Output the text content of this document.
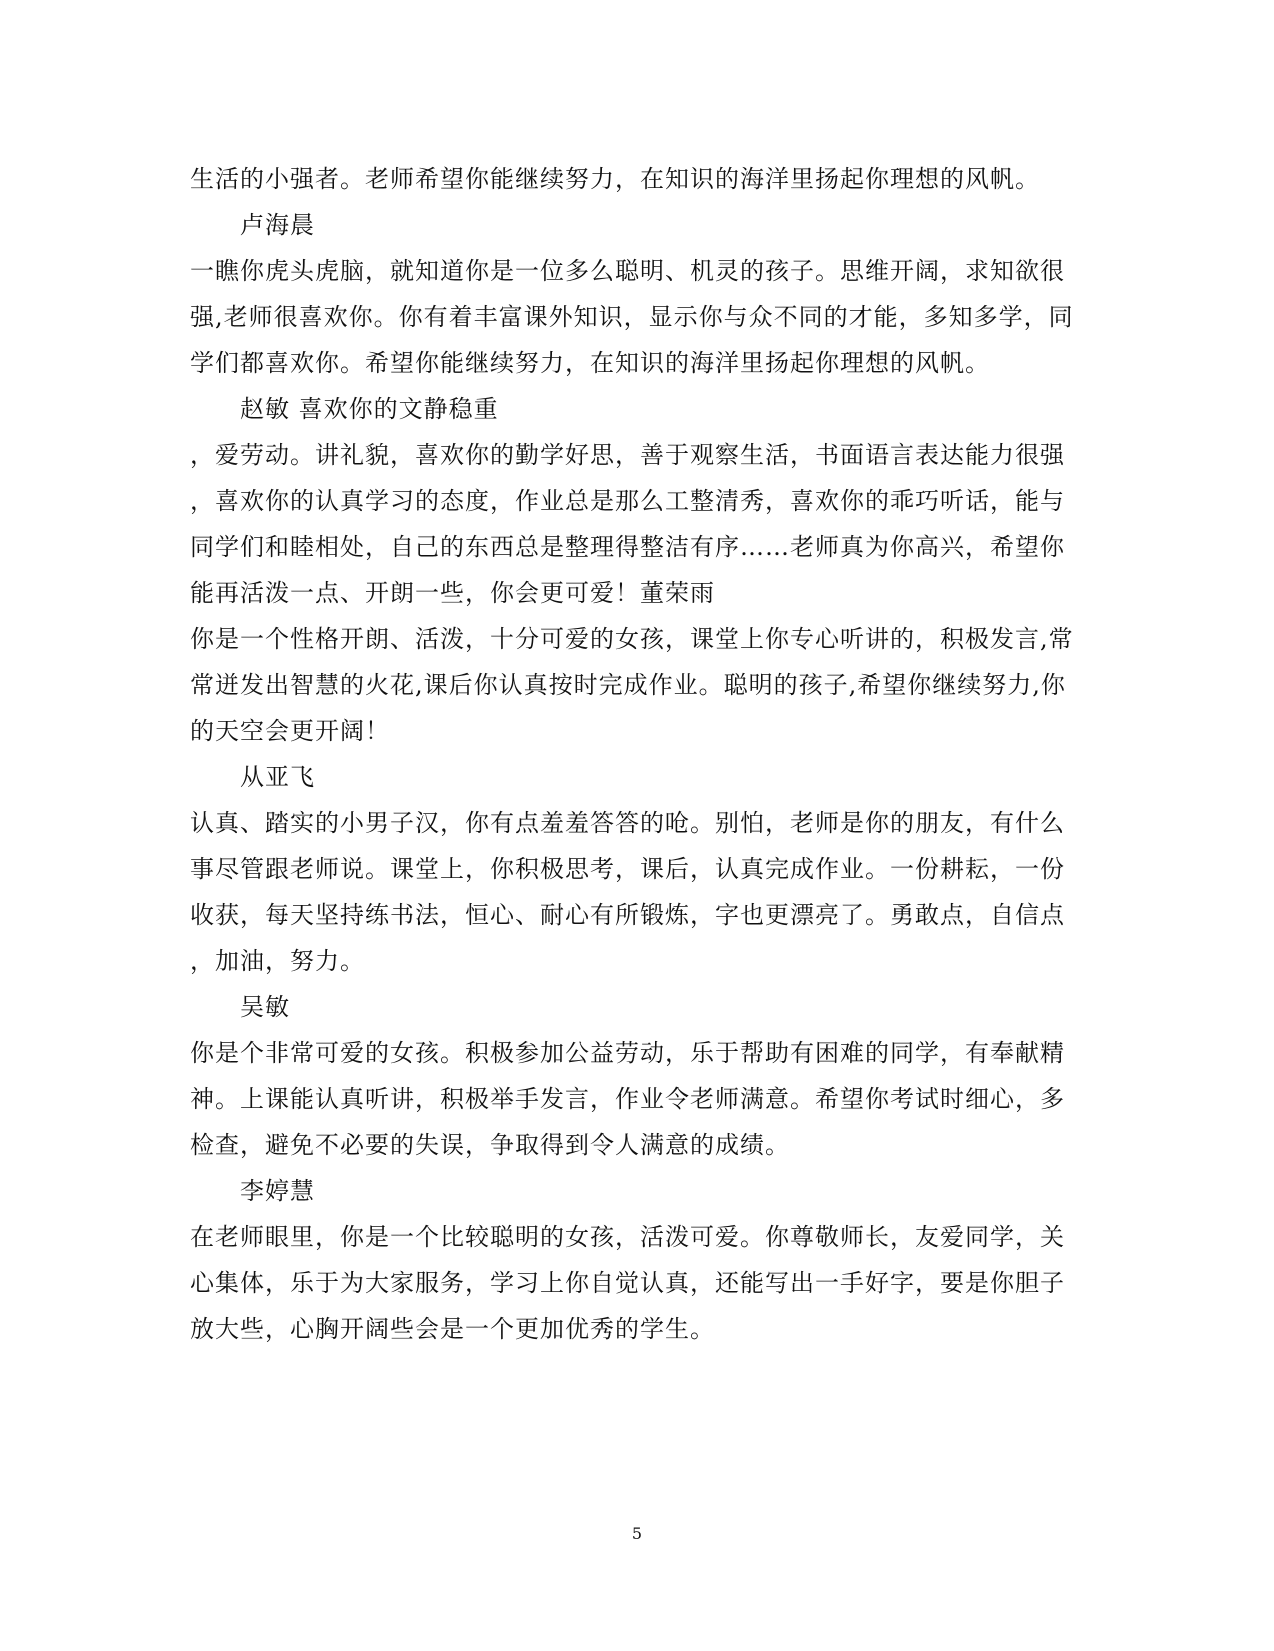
生活的小强者。老师希望你能继续努力，在知识的海洋里扬起你理想的风帆。
卢海晨
一瞧你虎头虎脑，就知道你是一位多么聪明、机灵的孩子。思维开阔，求知欲很
强,老师很喜欢你。你有着丰富课外知识，显示你与众不同的才能，多知多学，同
学们都喜欢你。希望你能继续努力，在知识的海洋里扬起你理想的风帆。
赵敏 喜欢你的文静稳重
，爱劳动。讲礼貌，喜欢你的勤学好思，善于观察生活，书面语言表达能力很强
，喜欢你的认真学习的态度，作业总是那么工整清秀，喜欢你的乖巧听话，能与
同学们和睦相处，自己的东西总是整理得整洁有序……老师真为你高兴，希望你
能再活泼一点、开朗一些，你会更可爱！董荣雨
你是一个性格开朗、活泼，十分可爱的女孩，课堂上你专心听讲的，积极发言,常
常迸发出智慧的火花,课后你认真按时完成作业。聪明的孩子,希望你继续努力,你
的天空会更开阔！
从亚飞
认真、踏实的小男子汉，你有点羞羞答答的呛。别怕，老师是你的朋友，有什么
事尽管跟老师说。课堂上，你积极思考，课后，认真完成作业。一份耕耘，一份
收获，每天坚持练书法，恒心、耐心有所锻炼，字也更漂亮了。勇敢点，自信点
，加油，努力。
吴敏
你是个非常可爱的女孩。积极参加公益劳动，乐于帮助有困难的同学，有奉献精
神。上课能认真听讲，积极举手发言，作业令老师满意。希望你考试时细心，多
检查，避免不必要的失误，争取得到令人满意的成绩。
李婷慧
在老师眼里，你是一个比较聪明的女孩，活泼可爱。你尊敬师长，友爱同学，关
心集体，乐于为大家服务，学习上你自觉认真，还能写出一手好字，要是你胆子
放大些，心胸开阔些会是一个更加优秀的学生。
5
